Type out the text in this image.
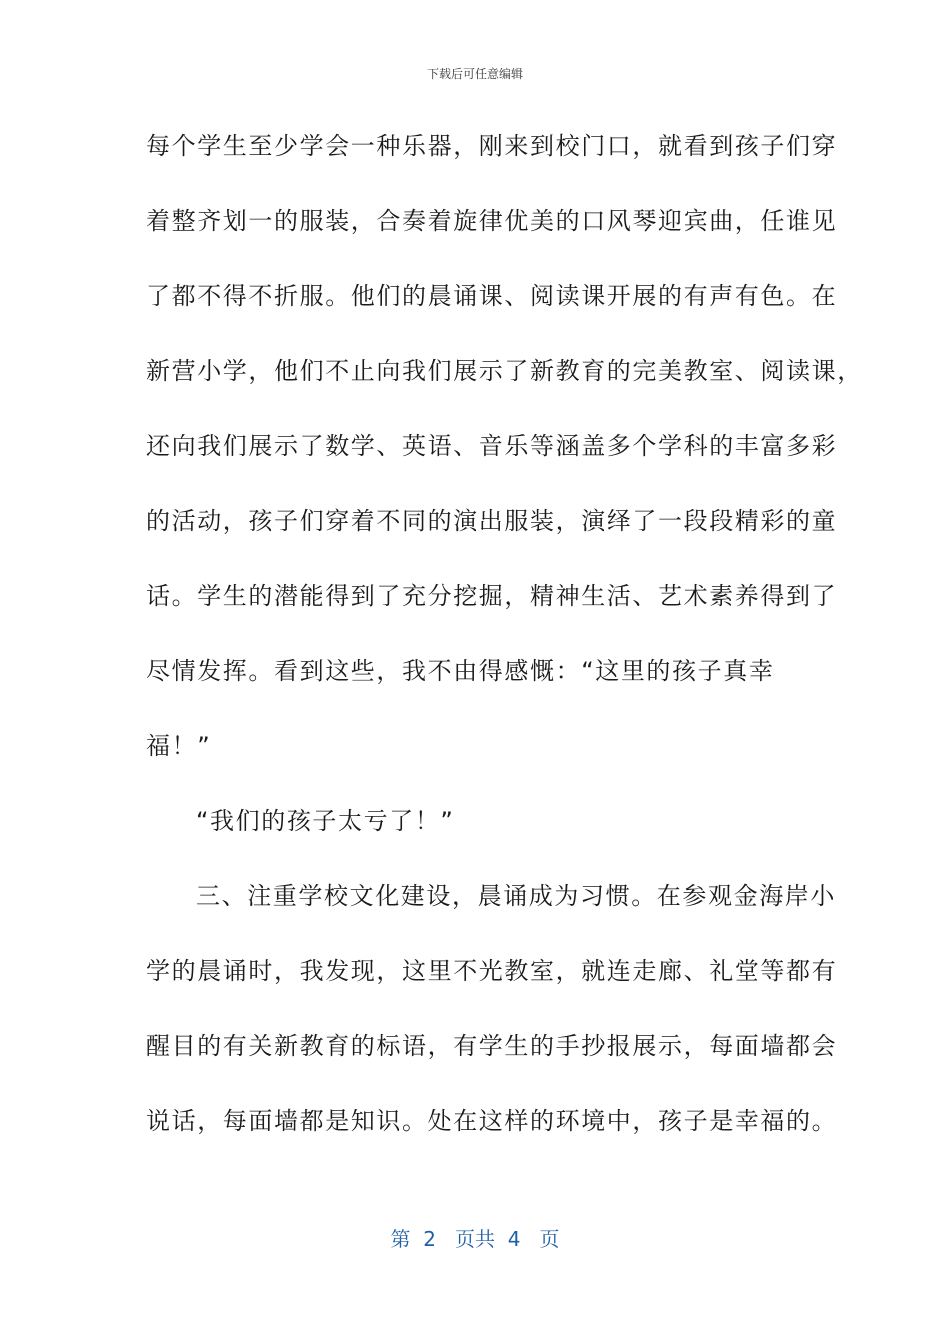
下载后可任意编辑
每个学生至少学会一种乐器，刚来到校门口，就看到孩子们穿
着整齐划一的服装，合奏着旋律优美的口风琴迎宾曲，任谁见
了都不得不折服。他们的晨诵课、阅读课开展的有声有色。在
新营小学，他们不止向我们展示了新教育的完美教室、阅读课，
还向我们展示了数学、英语、音乐等涵盖多个学科的丰富多彩
的活动，孩子们穿着不同的演出服装，演绎了一段段精彩的童
话。学生的潜能得到了充分挖掘，精神生活、艺术素养得到了
尽情发挥。看到这些，我不由得感慨：“这里的孩子真幸
福！”
“我们的孩子太亏了！”
三、注重学校文化建设，晨诵成为习惯。在参观金海岸小
学的晨诵时，我发现，这里不光教室，就连走廊、礼堂等都有
醒目的有关新教育的标语，有学生的手抄报展示，每面墙都会
说话，每面墙都是知识。处在这样的环境中，孩子是幸福的。
第  2   页共  4   页
